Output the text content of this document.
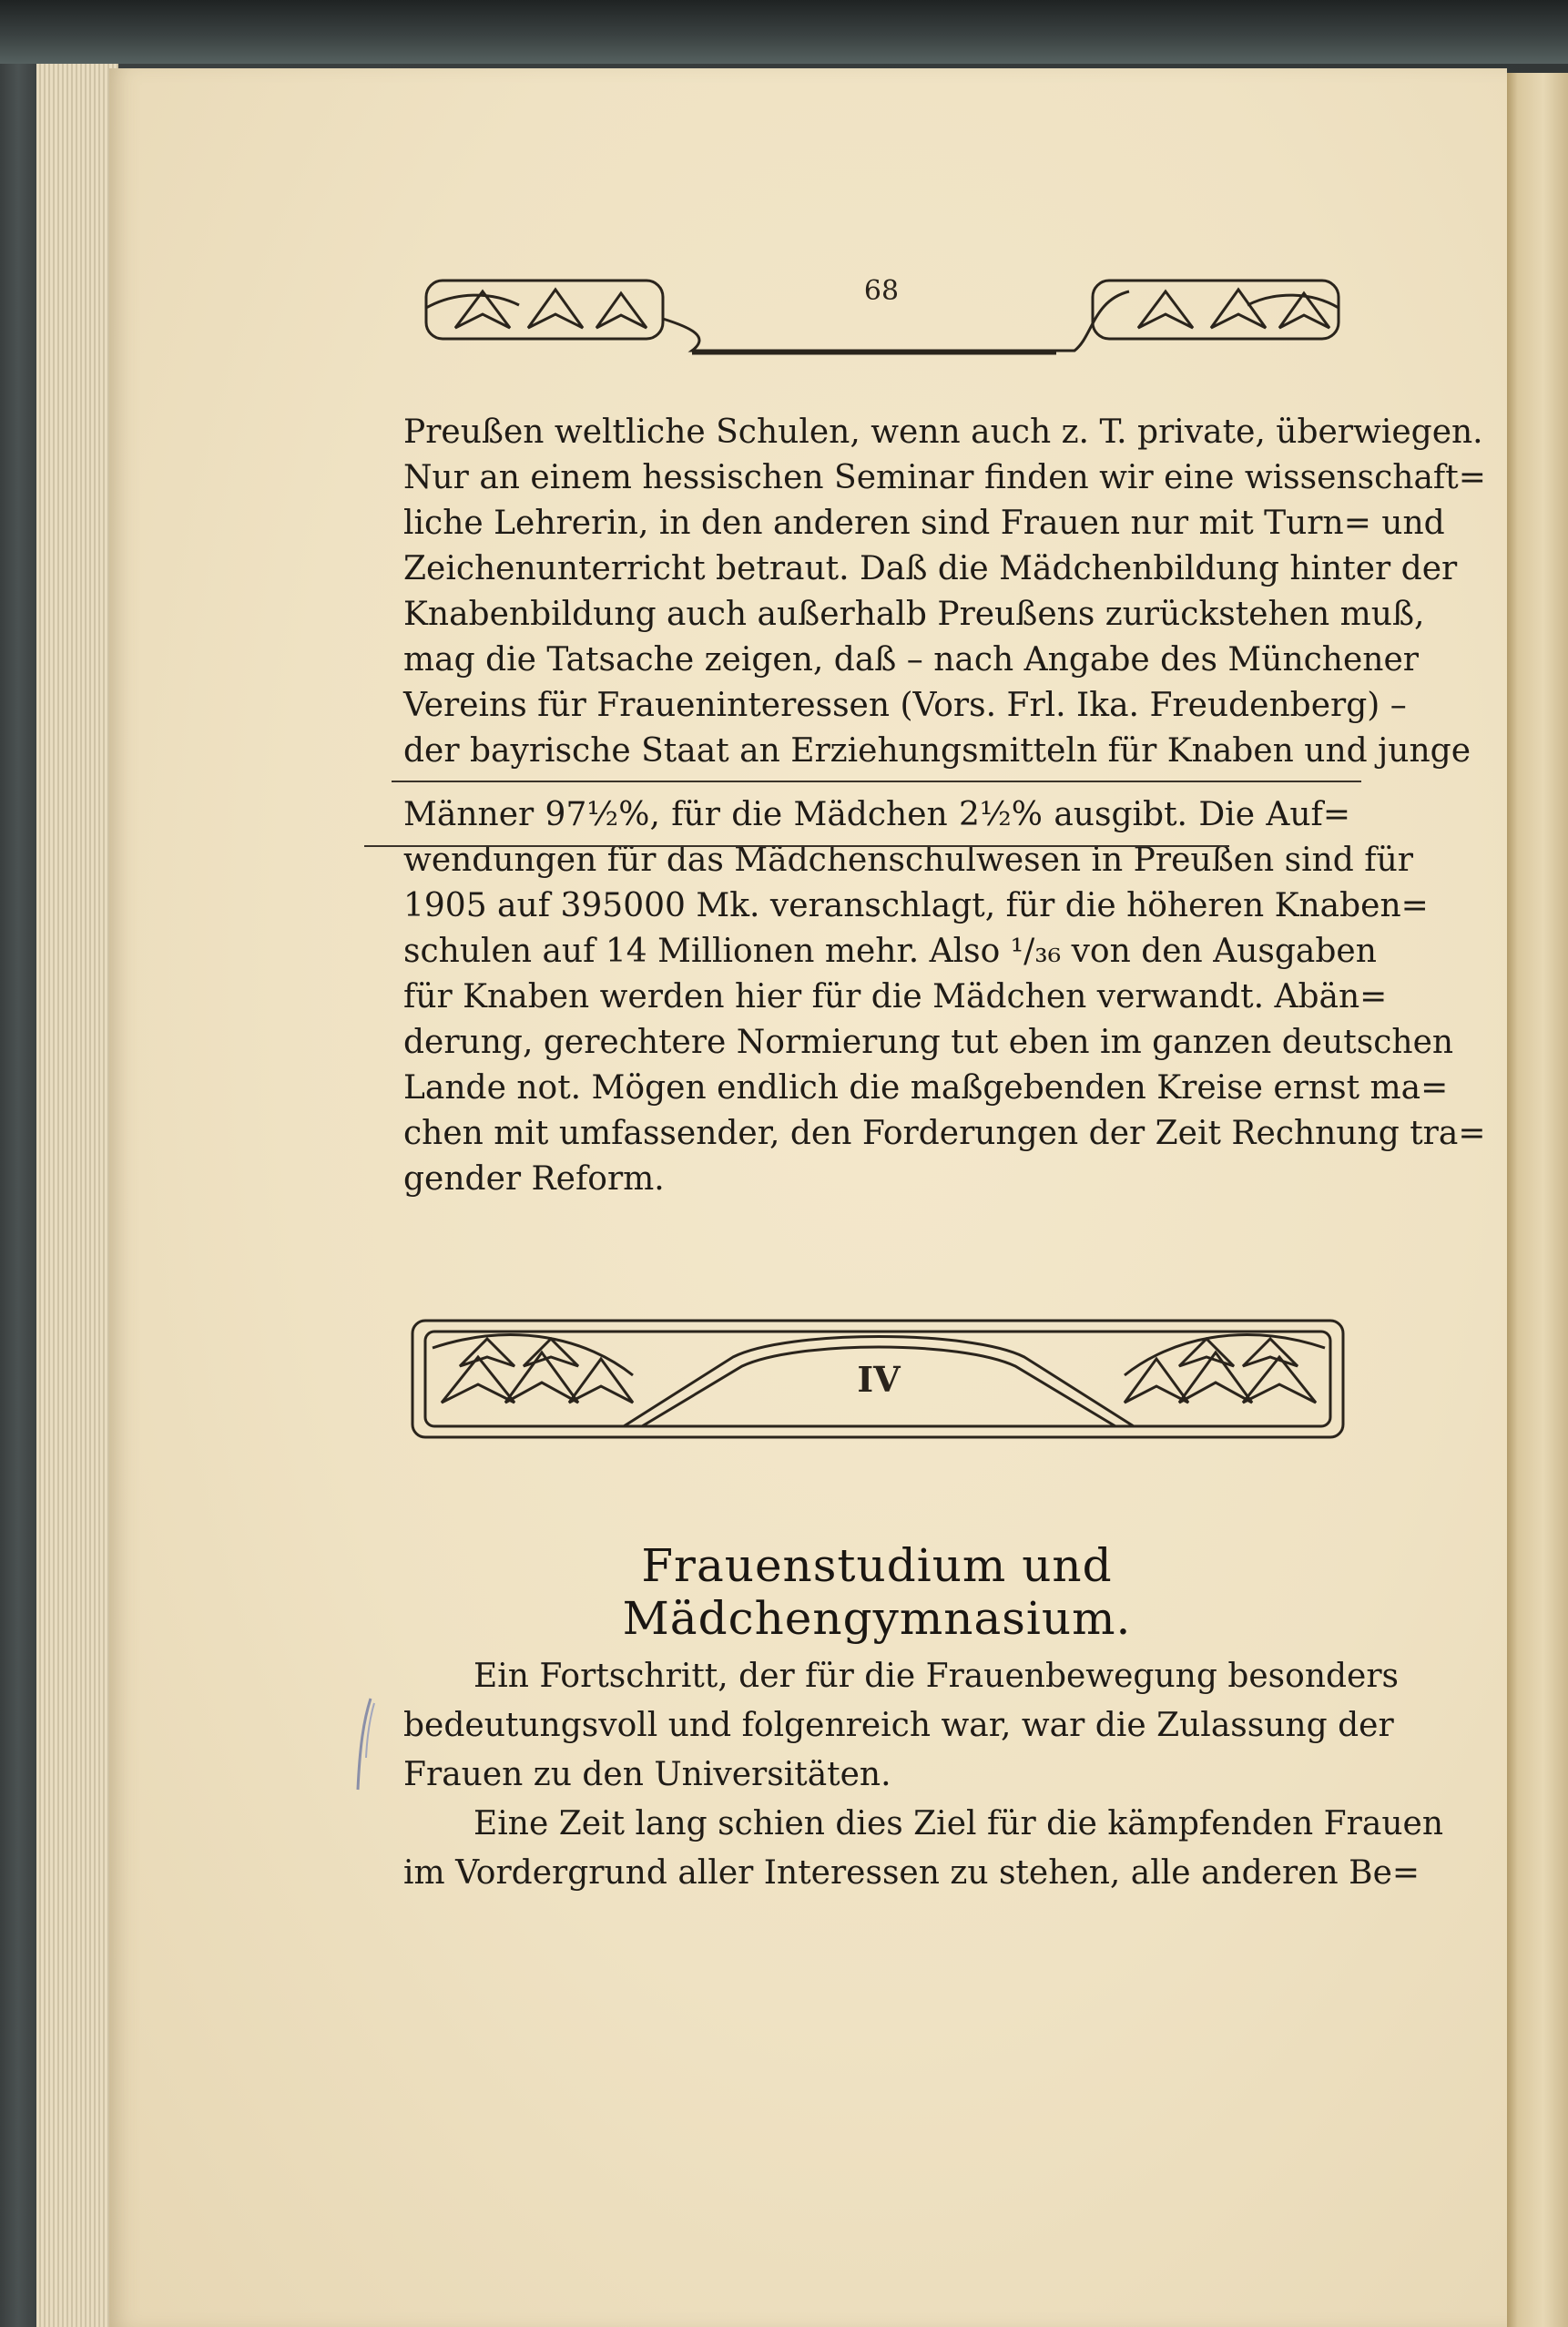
68
Preußen weltliche Schulen, wenn auch z. T. private, überwiegen.
Nur an einem hessischen Seminar finden wir eine wissenschaft=
liche Lehrerin, in den anderen sind Frauen nur mit Turn= und
Zeichenunterricht betraut. Daß die Mädchenbildung hinter der
Knabenbildung auch außerhalb Preußens zurückstehen muß,
mag die Tatsache zeigen, daß – nach Angabe des Münchener
Vereins für Fraueninteressen (Vors. Frl. Ika. Freudenberg) –
der bayrische Staat an Erziehungsmitteln für Knaben und junge
Männer 97½%, für die Mädchen 2½% ausgibt. Die Auf=
wendungen für das Mädchenschulwesen in Preußen sind für
1905 auf 395000 Mk. veranschlagt, für die höheren Knaben=
schulen auf 14 Millionen mehr. Also ¹/₃₆ von den Ausgaben
für Knaben werden hier für die Mädchen verwandt. Abän=
derung, gerechtere Normierung tut eben im ganzen deutschen
Lande not. Mögen endlich die maßgebenden Kreise ernst ma=
chen mit umfassender, den Forderungen der Zeit Rechnung tra=
gender Reform.
IV
Frauenstudium und Mädchengymnasium.
Ein Fortschritt, der für die Frauenbewegung besonders
bedeutungsvoll und folgenreich war, war die Zulassung der
Frauen zu den Universitäten.
Eine Zeit lang schien dies Ziel für die kämpfenden Frauen
im Vordergrund aller Interessen zu stehen, alle anderen Be=
